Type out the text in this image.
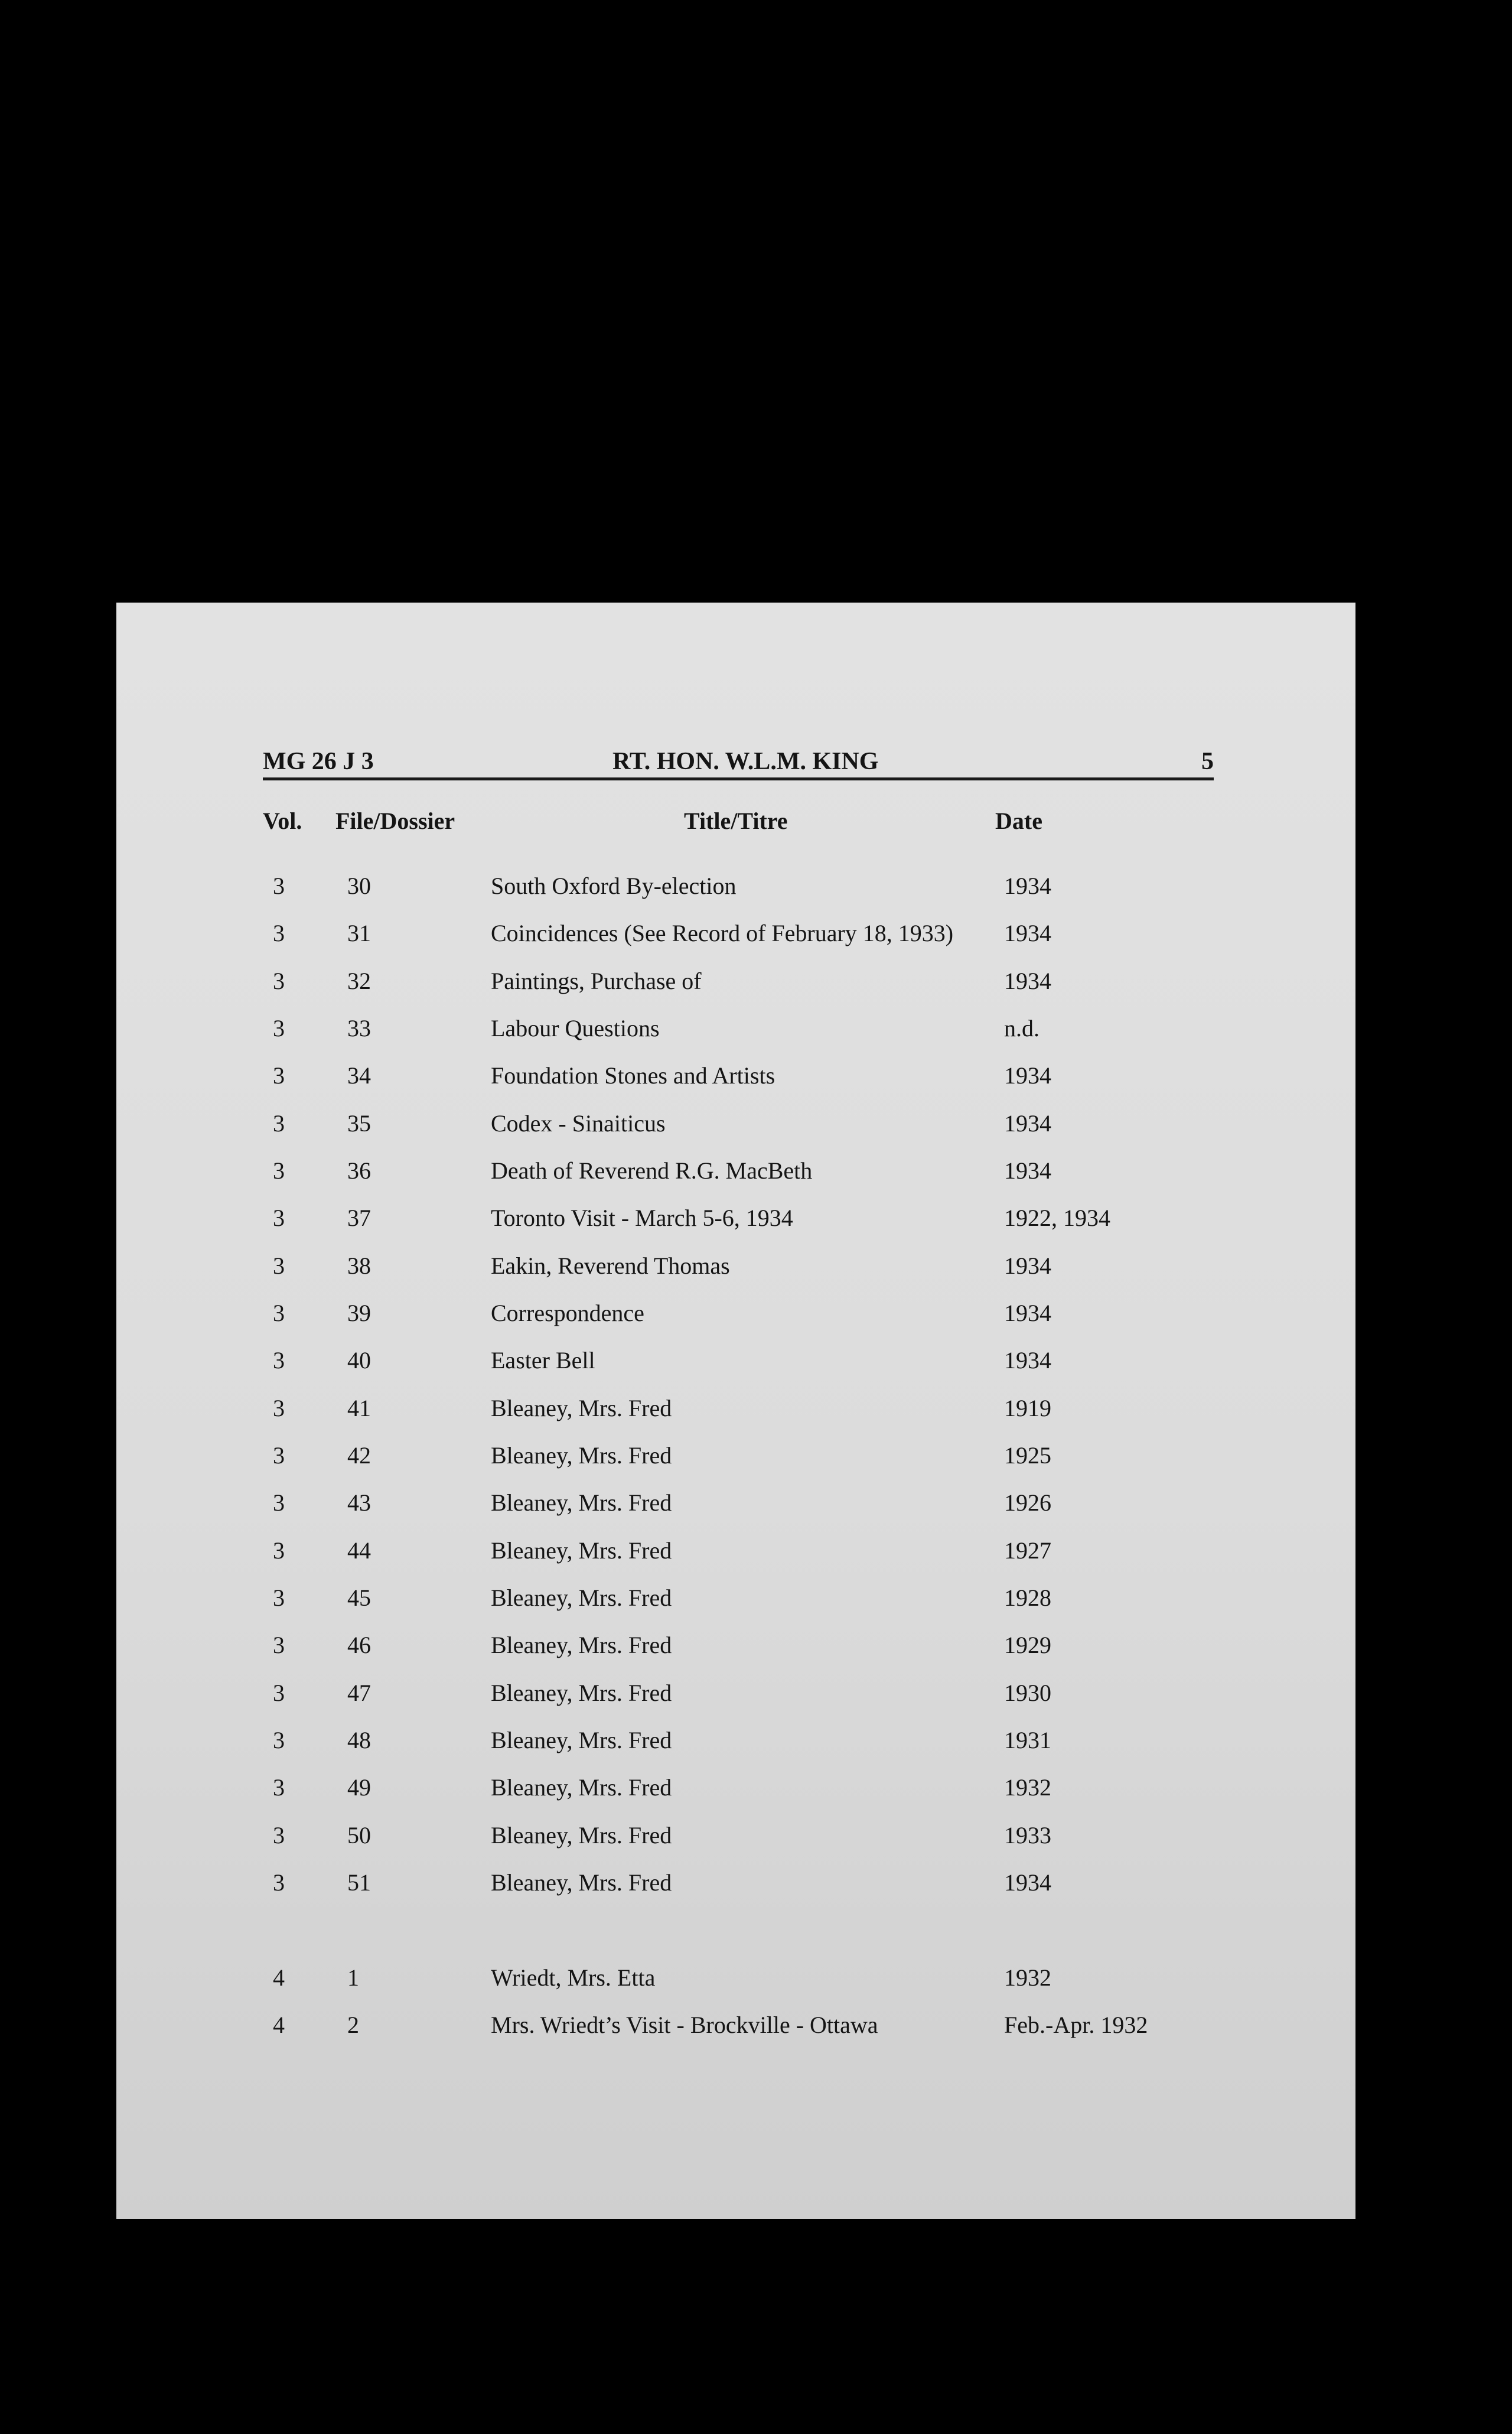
MG 26 J 3	RT. HON. W.L.M. KING	5
Vol. File/Dossier	Title/Titre	Date
3	30	South Oxford By-election	1934
3	31	Coincidences (See Record of February 18, 1933) 1934
3	32	Paintings, Purchase of	1934
3	33	Labour Questions	n.d.
3	34	Foundation Stones and Artists	1934
3	35	Codex - Sinaiticus	1934
3	36	Death of Reverend R.G. MacBeth	1934
3	37	Toronto Visit - March 5-6, 1934	1922, 1934
3	38	Eakin, Reverend Thomas	1934
3	39	Correspondence	1934
3	40	Easter Bell	1934
3	41	Bleaney, Mrs. Fred	1919
3	42	Bleaney, Mrs. Fred	1925
3	43	Bleaney, Mrs. Fred	1926
3	44	Bleaney, Mrs. Fred	1927
3	45	Bleaney, Mrs. Fred	1928
3	46	Bleaney, Mrs. Fred	1929
3	47	Bleaney, Mrs. Fred	1930
3	48	Bleaney, Mrs. Fred	1931
3	49	Bleaney, Mrs. Fred	1932
3	50	Bleaney, Mrs. Fred	1933
3	51	Bleaney, Mrs. Fred	1934
4	1	Wriedt, Mrs. Etta	1932
4	2	Mrs. Wriedt’s Visit - Brockville - Ottawa	Feb.-Apr. 1932
